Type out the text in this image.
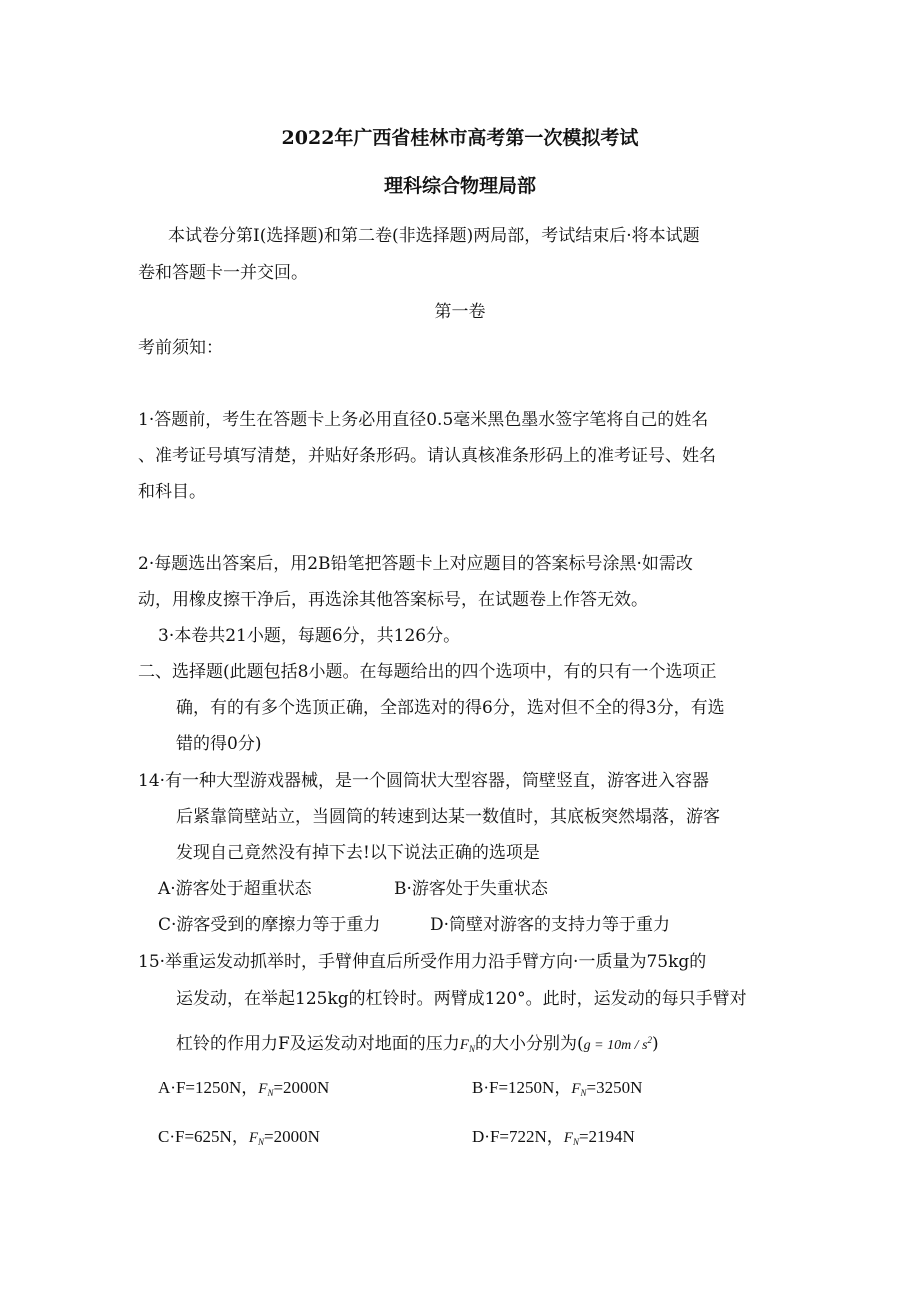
2022年广西省桂林市高考第一次模拟考试
理科综合物理局部
本试卷分第Ⅰ(选择题)和第二卷(非选择题)两局部，考试结束后·将本试题
卷和答题卡一并交回。
第一卷
考前须知：
1·答题前，考生在答题卡上务必用直径0.5毫米黑色墨水签字笔将自己的姓名
、准考证号填写清楚，并贴好条形码。请认真核准条形码上的准考证号、姓名
和科目。
2·每题选出答案后，用2B铅笔把答题卡上对应题目的答案标号涂黑·如需改
动，用橡皮擦干净后，再选涂其他答案标号，在试题卷上作答无效。
3·本卷共21小题，每题6分，共126分。
二、选择题(此题包括8小题。在每题给出的四个选项中，有的只有一个选项正
确，有的有多个选顶正确，全部选对的得6分，选对但不全的得3分，有选
错的得0分)
14·有一种大型游戏器械，是一个圆筒状大型容器，筒壁竖直，游客进入容器
后紧靠筒壁站立，当圆筒的转速到达某一数值时，其底板突然塌落，游客
发现自己竟然没有掉下去!以下说法正确的选项是
A·游客处于超重状态	B·游客处于失重状态
C·游客受到的摩擦力等于重力	D·筒壁对游客的支持力等于重力
15·举重运发动抓举时，手臂伸直后所受作用力沿手臂方向·一质量为75kg的
运发动，在举起125kg的杠铃时。两臂成120°。此时，运发动的每只手臂对
杠铃的作用力F及运发动对地面的压力$F_N$的大小分别为$(g = 10m / s^2)$
A·F=1250N，$F_N=2000N$	B·F=1250N，$F_N=3250N$
C·F=625N，$F_N=2000N$	D·F=722N，$F_N=2194N$
